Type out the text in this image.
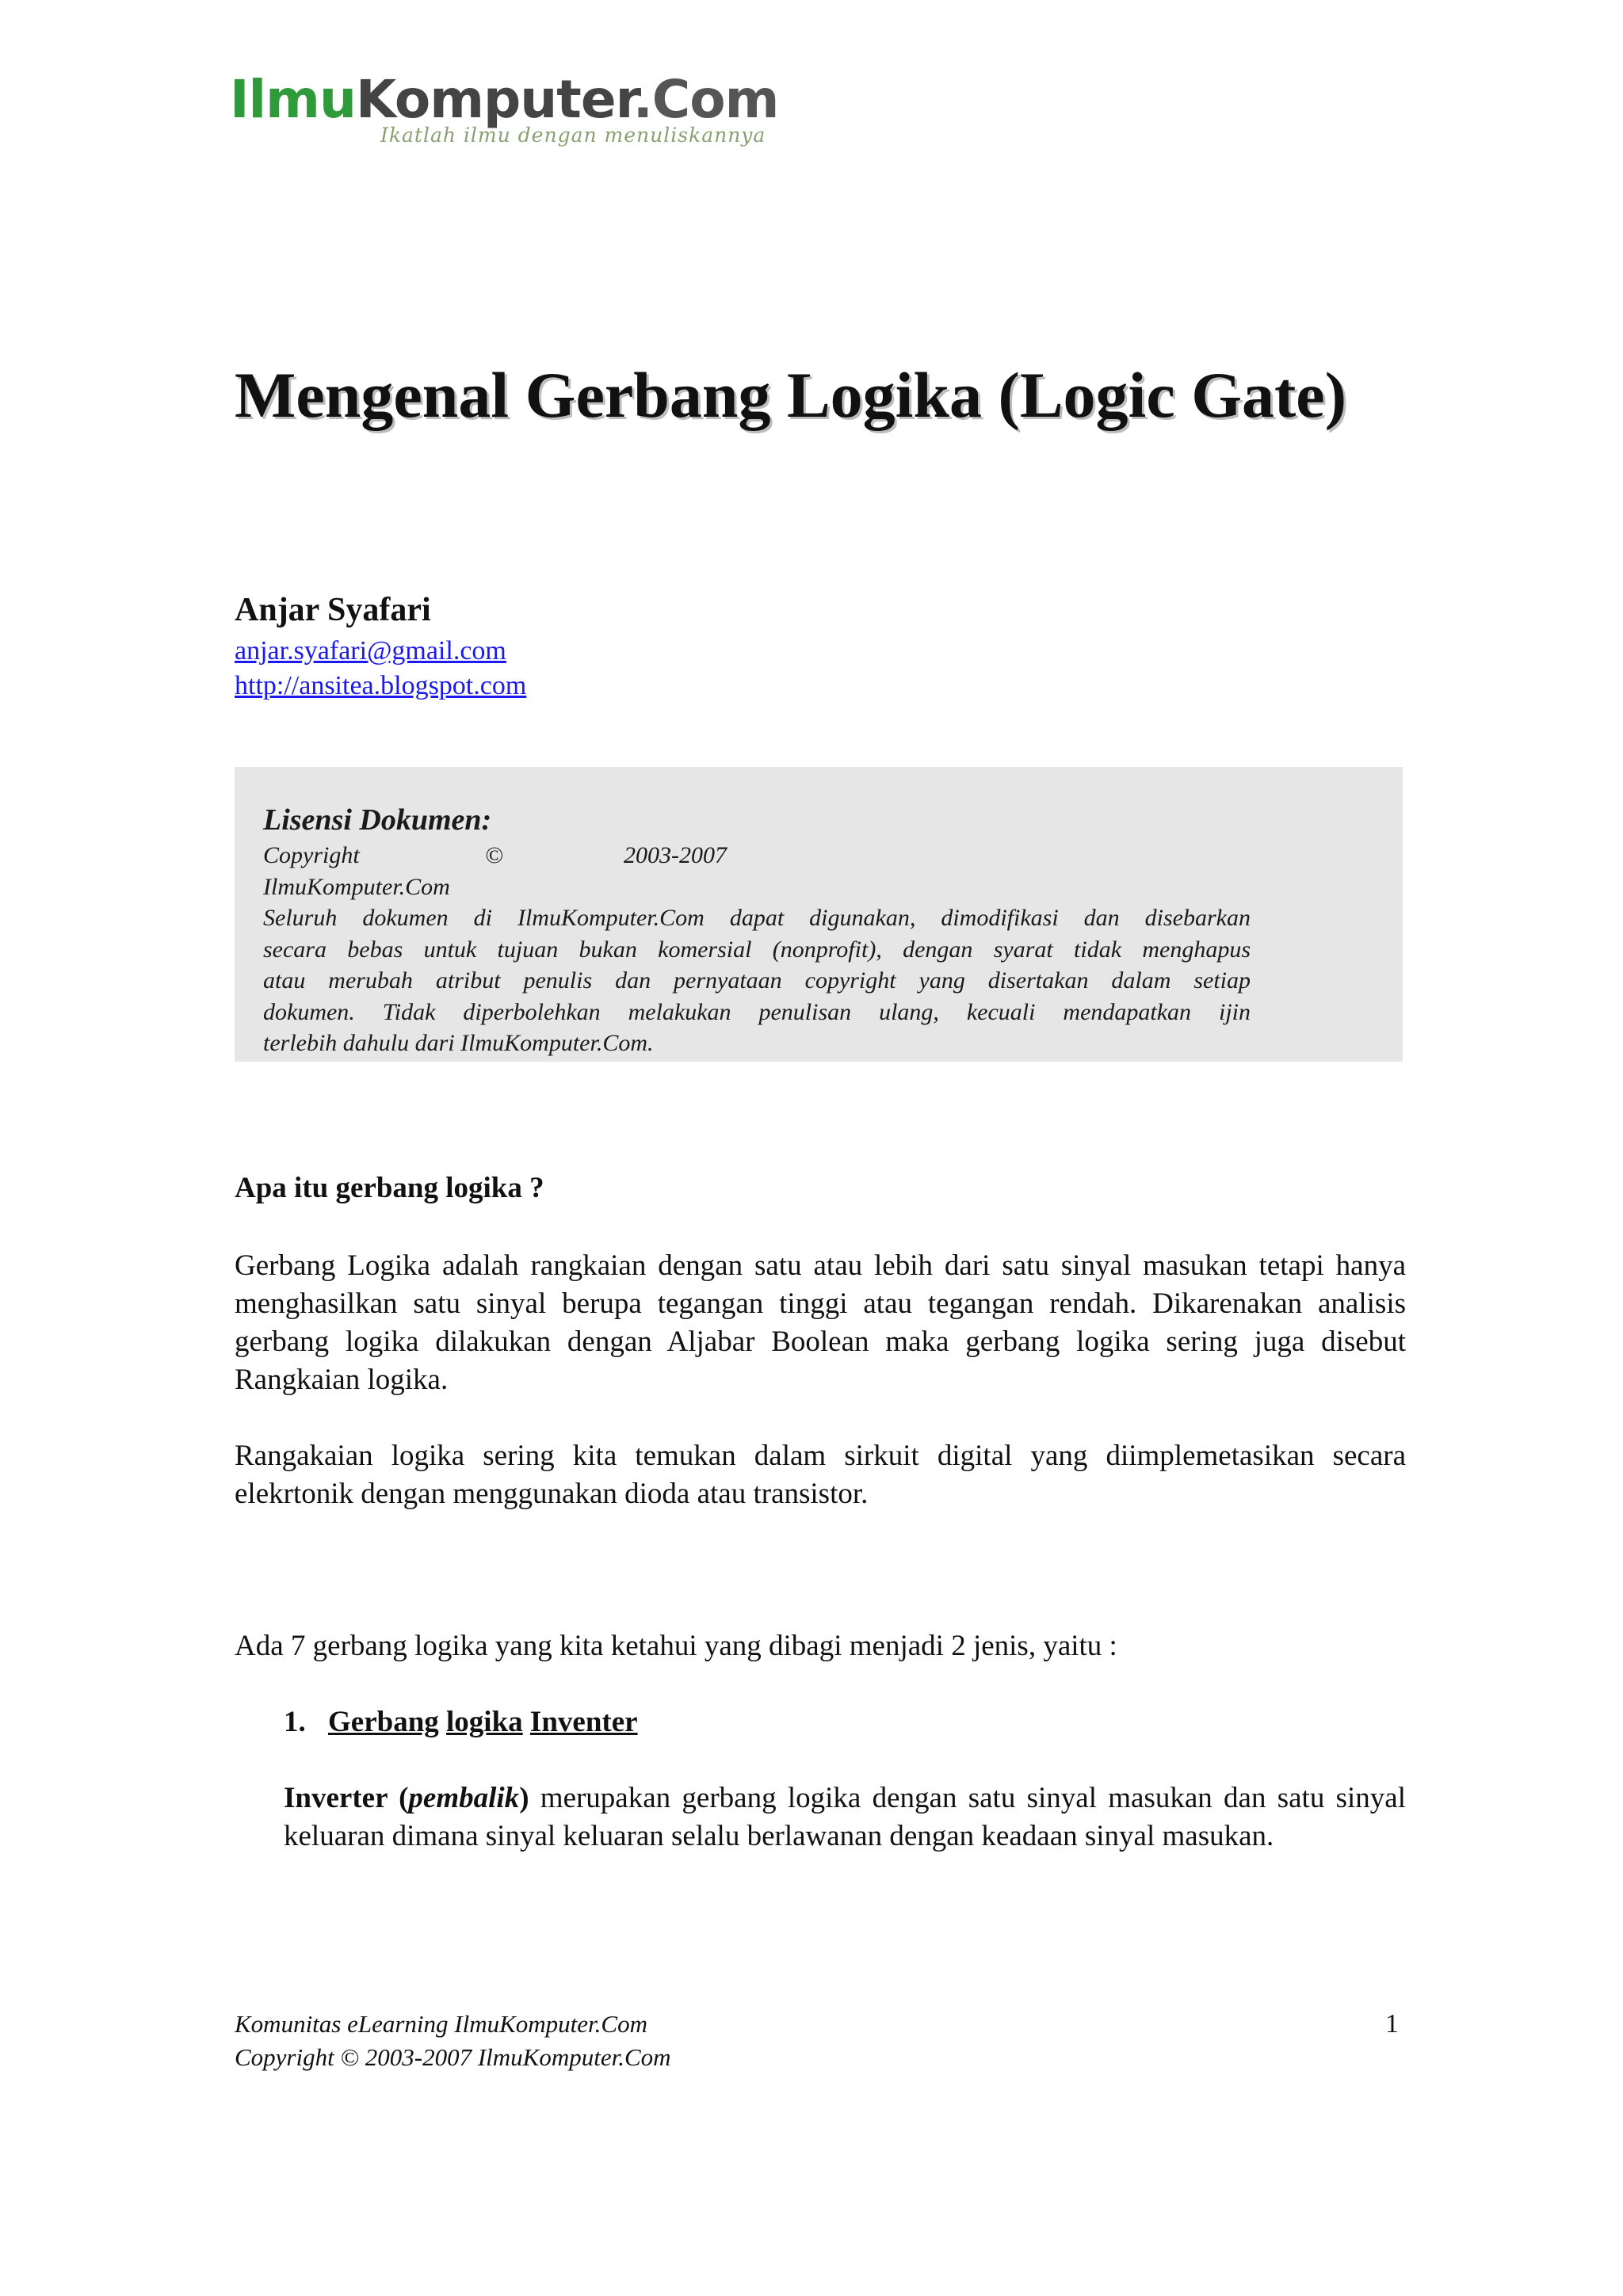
IlmuKomputer.Com
Ikatlah ilmu dengan menuliskannya
Mengenal Gerbang Logika (Logic Gate)
Anjar Syafari
anjar.syafari@gmail.com
http://ansitea.blogspot.com
Lisensi Dokumen:
Copyright	©	2003-2007
IlmuKomputer.Com
Seluruh dokumen di IlmuKomputer.Com dapat digunakan, dimodifikasi dan disebarkan
secara bebas untuk tujuan bukan komersial (nonprofit), dengan syarat tidak menghapus
atau merubah atribut penulis dan pernyataan copyright yang disertakan dalam setiap
dokumen. Tidak diperbolehkan melakukan penulisan ulang, kecuali mendapatkan ijin
terlebih dahulu dari IlmuKomputer.Com.
Apa itu gerbang logika ?
Gerbang Logika adalah rangkaian dengan satu atau lebih dari satu sinyal masukan tetapi hanya menghasilkan satu sinyal berupa tegangan tinggi atau tegangan rendah. Dikarenakan analisis gerbang logika dilakukan dengan Aljabar Boolean maka gerbang logika sering juga disebut Rangkaian logika.
Rangakaian logika sering kita temukan dalam sirkuit digital yang diimplemetasikan secara elekrtonik dengan menggunakan dioda atau transistor.
Ada 7 gerbang logika yang kita ketahui yang dibagi menjadi 2 jenis, yaitu :
1. Gerbang logika Inventer
Inverter (pembalik) merupakan gerbang logika dengan satu sinyal masukan dan satu sinyal keluaran dimana sinyal keluaran selalu berlawanan dengan keadaan sinyal masukan.
Komunitas eLearning IlmuKomputer.Com
Copyright © 2003-2007 IlmuKomputer.Com
1
